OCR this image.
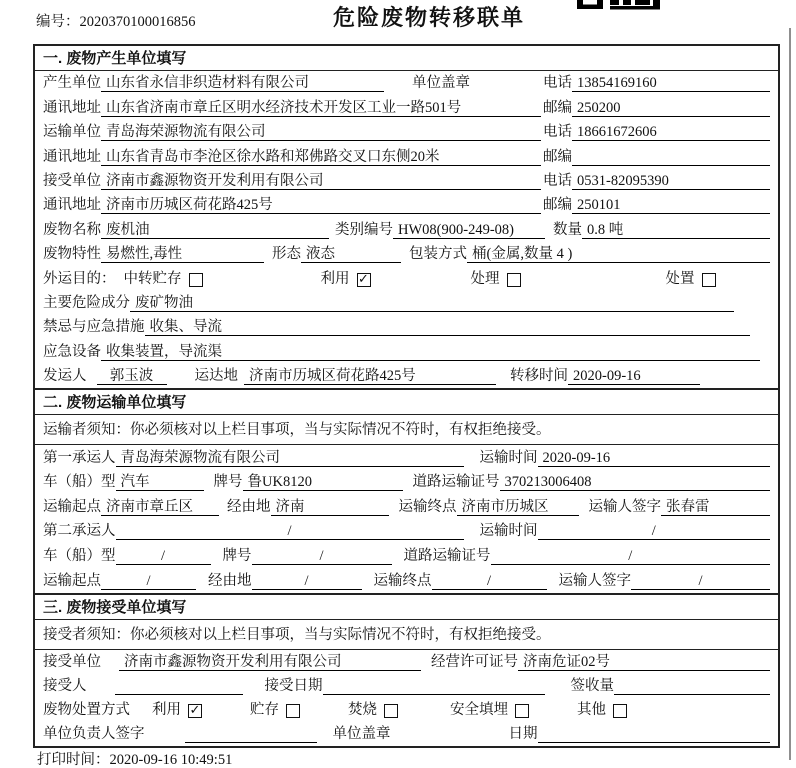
编号：2020370100016856	危险废物转移联单
一. 废物产生单位填写
产生单位 山东省永信非织造材料有限公司	单位盖章	电话 13854169160
通讯地址 山东省济南市章丘区明水经济技术开发区工业一路501号	邮编 250200
运输单位 青岛海荣源物流有限公司	电话 18661672606
通讯地址 山东省青岛市李沧区徐水路和郑佛路交叉口东侧20米	邮编
接受单位 济南市鑫源物资开发利用有限公司	电话 0531-82095390
通讯地址 济南市历城区荷花路425号	邮编 250101
废物名称 废机油	类别编号 HW08(900-249-08)	数量 0.8 吨
废物特性 易燃性,毒性	形态 液态	包装方式 桶(金属,数量 4 )
外运目的： 中转贮存	利用 ✓	处理	处置
主要危险成分 废矿物油
禁忌与应急措施 收集、导流
应急设备 收集装置，导流渠
发运人	郭玉波	运达地 济南市历城区荷花路425号	转移时间 2020-09-16
二. 废物运输单位填写
运输者须知：你必须核对以上栏目事项，当与实际情况不符时，有权拒绝接受。
第一承运人 青岛海荣源物流有限公司	运输时间 2020-09-16
车（船）型 汽车	牌号 鲁UK8120	道路运输证号 370213006408
运输起点 济南市章丘区	经由地 济南	运输终点 济南市历城区	运输人签字 张春雷
第二承运人	/	运输时间	/
车（船）型	/	牌号	/	道路运输证号	/
运输起点	/	经由地	/	运输终点	/	运输人签字	/
三. 废物接受单位填写
接受者须知：你必须核对以上栏目事项，当与实际情况不符时，有权拒绝接受。
接受单位	济南市鑫源物资开发利用有限公司	经营许可证号 济南危证02号
接受人	接受日期	签收量
废物处置方式 利用 ✓	贮存	焚烧	安全填埋	其他
单位负责人签字	单位盖章	日期
打印时间：2020-09-16 10:49:51
